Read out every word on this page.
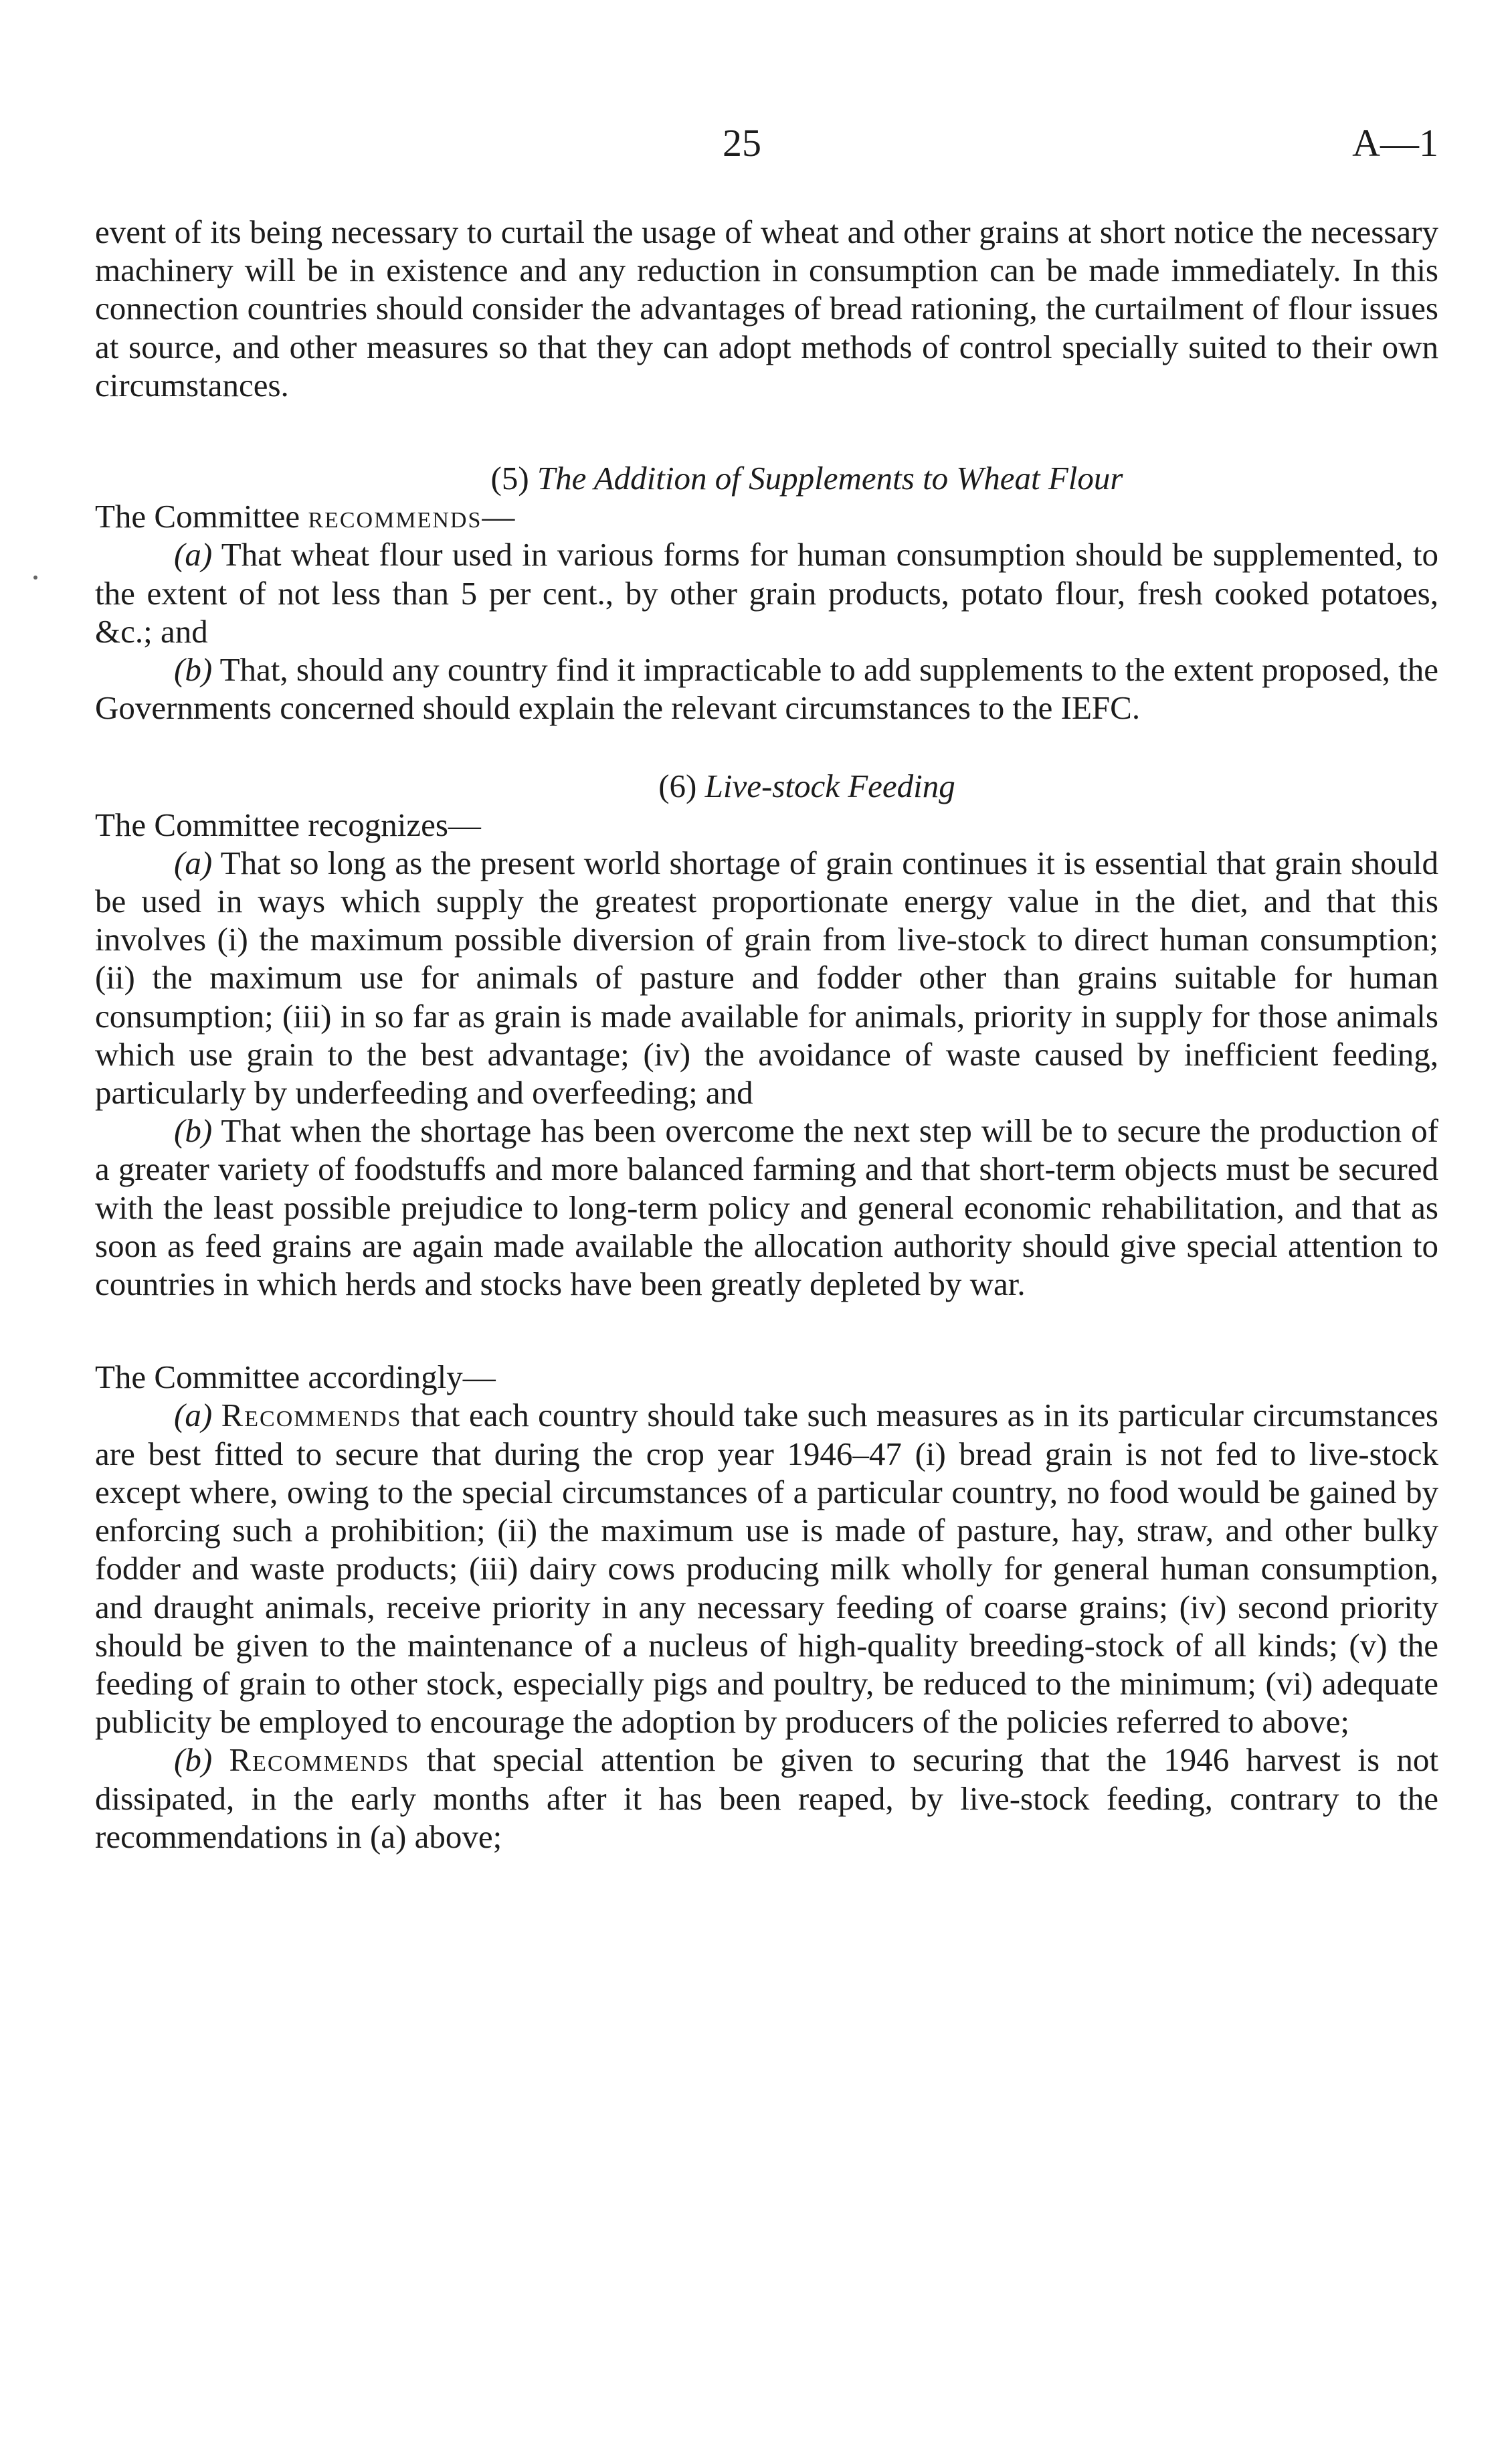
25	A—1

event of its being necessary to curtail the usage of wheat and other grains at short notice the necessary machinery will be in existence and any reduction in consumption can be made immediately. In this connection countries should consider the advantages of bread rationing, the curtailment of flour issues at source, and other measures so that they can adopt methods of control specially suited to their own circumstances.

(5) The Addition of Supplements to Wheat Flour

The Committee recommends—

(a) That wheat flour used in various forms for human consumption should be supplemented, to the extent of not less than 5 per cent., by other grain products, potato flour, fresh cooked potatoes, &c.; and

(b) That, should any country find it impracticable to add supplements to the extent proposed, the Governments concerned should explain the relevant circumstances to the IEFC.

(6) Live-stock Feeding

The Committee recognizes—

(a) That so long as the present world shortage of grain continues it is essential that grain should be used in ways which supply the greatest proportionate energy value in the diet, and that this involves (i) the maximum possible diversion of grain from live-stock to direct human consumption; (ii) the maximum use for animals of pasture and fodder other than grains suitable for human consumption; (iii) in so far as grain is made available for animals, priority in supply for those animals which use grain to the best advantage; (iv) the avoidance of waste caused by inefficient feeding, particularly by underfeeding and overfeeding; and

(b) That when the shortage has been overcome the next step will be to secure the production of a greater variety of foodstuffs and more balanced farming and that short-term objects must be secured with the least possible prejudice to long-term policy and general economic rehabilitation, and that as soon as feed grains are again made available the allocation authority should give special attention to countries in which herds and stocks have been greatly depleted by war.

The Committee accordingly—

(a) Recommends that each country should take such measures as in its particular circumstances are best fitted to secure that during the crop year 1946–47 (i) bread grain is not fed to live-stock except where, owing to the special circumstances of a particular country, no food would be gained by enforcing such a prohibition; (ii) the maximum use is made of pasture, hay, straw, and other bulky fodder and waste products; (iii) dairy cows producing milk wholly for general human consumption, and draught animals, receive priority in any necessary feeding of coarse grains; (iv) second priority should be given to the maintenance of a nucleus of high-quality breeding-stock of all kinds; (v) the feeding of grain to other stock, especially pigs and poultry, be reduced to the minimum; (vi) adequate publicity be employed to encourage the adoption by producers of the policies referred to above;

(b) Recommends that special attention be given to securing that the 1946 harvest is not dissipated, in the early months after it has been reaped, by live-stock feeding, contrary to the recommendations in (a) above;
